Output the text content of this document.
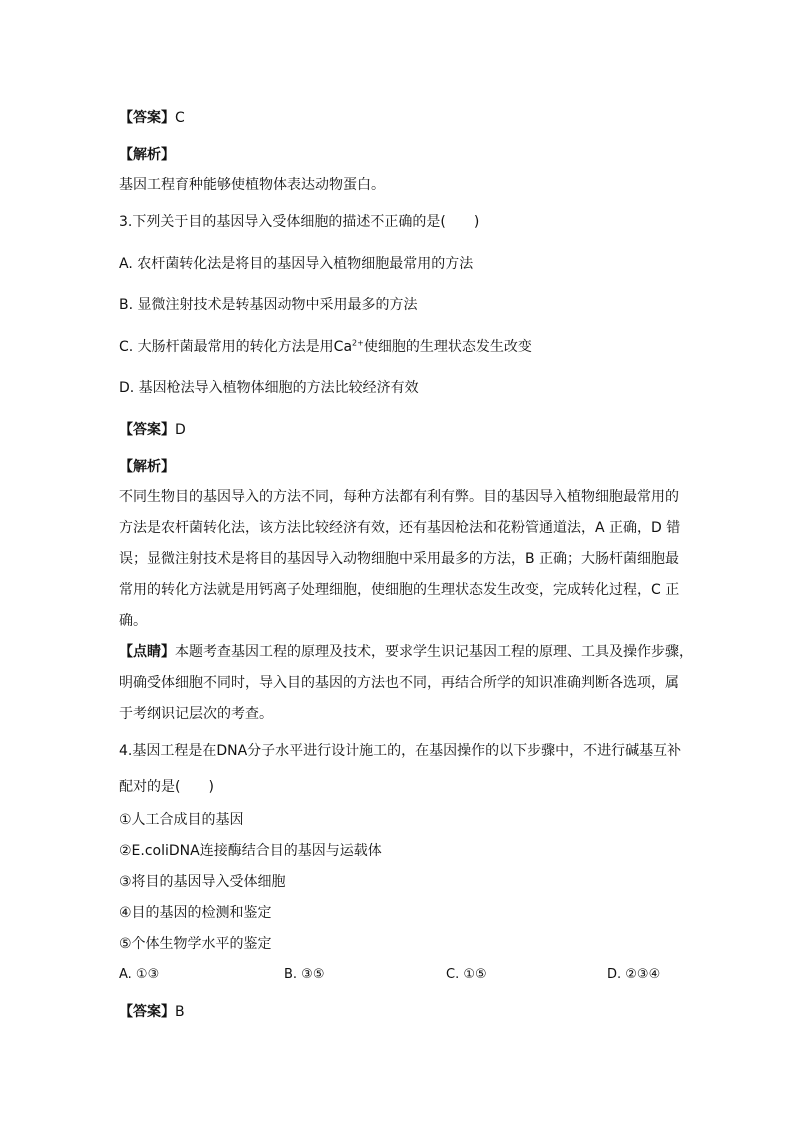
【答案】C
【解析】
基因工程育种能够使植物体表达动物蛋白。
3.下列关于目的基因导入受体细胞的描述不正确的是(　　)
A. 农杆菌转化法是将目的基因导入植物细胞最常用的方法
B. 显微注射技术是转基因动物中采用最多的方法
C. 大肠杆菌最常用的转化方法是用$Ca^{2+}$使细胞的生理状态发生改变
D. 基因枪法导入植物体细胞的方法比较经济有效
【答案】D
【解析】
不同生物目的基因导入的方法不同，每种方法都有利有弊。目的基因导入植物细胞最常用的
方法是农杆菌转化法，该方法比较经济有效，还有基因枪法和花粉管通道法，A 正确，D 错
误；显微注射技术是将目的基因导入动物细胞中采用最多的方法，B 正确；大肠杆菌细胞最
常用的转化方法就是用钙离子处理细胞，使细胞的生理状态发生改变，完成转化过程，C 正
确。
【点睛】本题考查基因工程的原理及技术，要求学生识记基因工程的原理、工具及操作步骤，
明确受体细胞不同时，导入目的基因的方法也不同，再结合所学的知识准确判断各选项，属
于考纲识记层次的考查。
4.基因工程是在DNA分子水平进行设计施工的，在基因操作的以下步骤中，不进行碱基互补
配对的是(　　)
①人工合成目的基因
②E.coliDNA连接酶结合目的基因与运载体
③将目的基因导入受体细胞
④目的基因的检测和鉴定
⑤个体生物学水平的鉴定
A. ①③	B. ③⑤	C. ①⑤	D. ②③④
【答案】B
